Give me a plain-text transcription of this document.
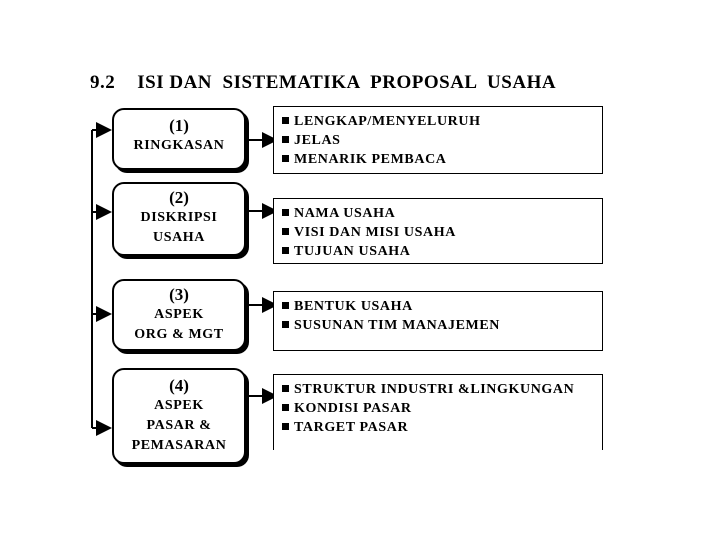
9.2 ISI DAN  SISTEMATIKA  PROPOSAL  USAHA
(1)
RINGKASAN
LENGKAP/MENYELURUH
JELAS
MENARIK PEMBACA
(2)
DISKRIPSI
USAHA
NAMA USAHA
VISI DAN MISI USAHA
TUJUAN USAHA
(3)
ASPEK
ORG & MGT
BENTUK USAHA
SUSUNAN TIM MANAJEMEN
(4)
ASPEK
PASAR &
PEMASARAN
STRUKTUR INDUSTRI &LINGKUNGAN
KONDISI PASAR
TARGET PASAR
